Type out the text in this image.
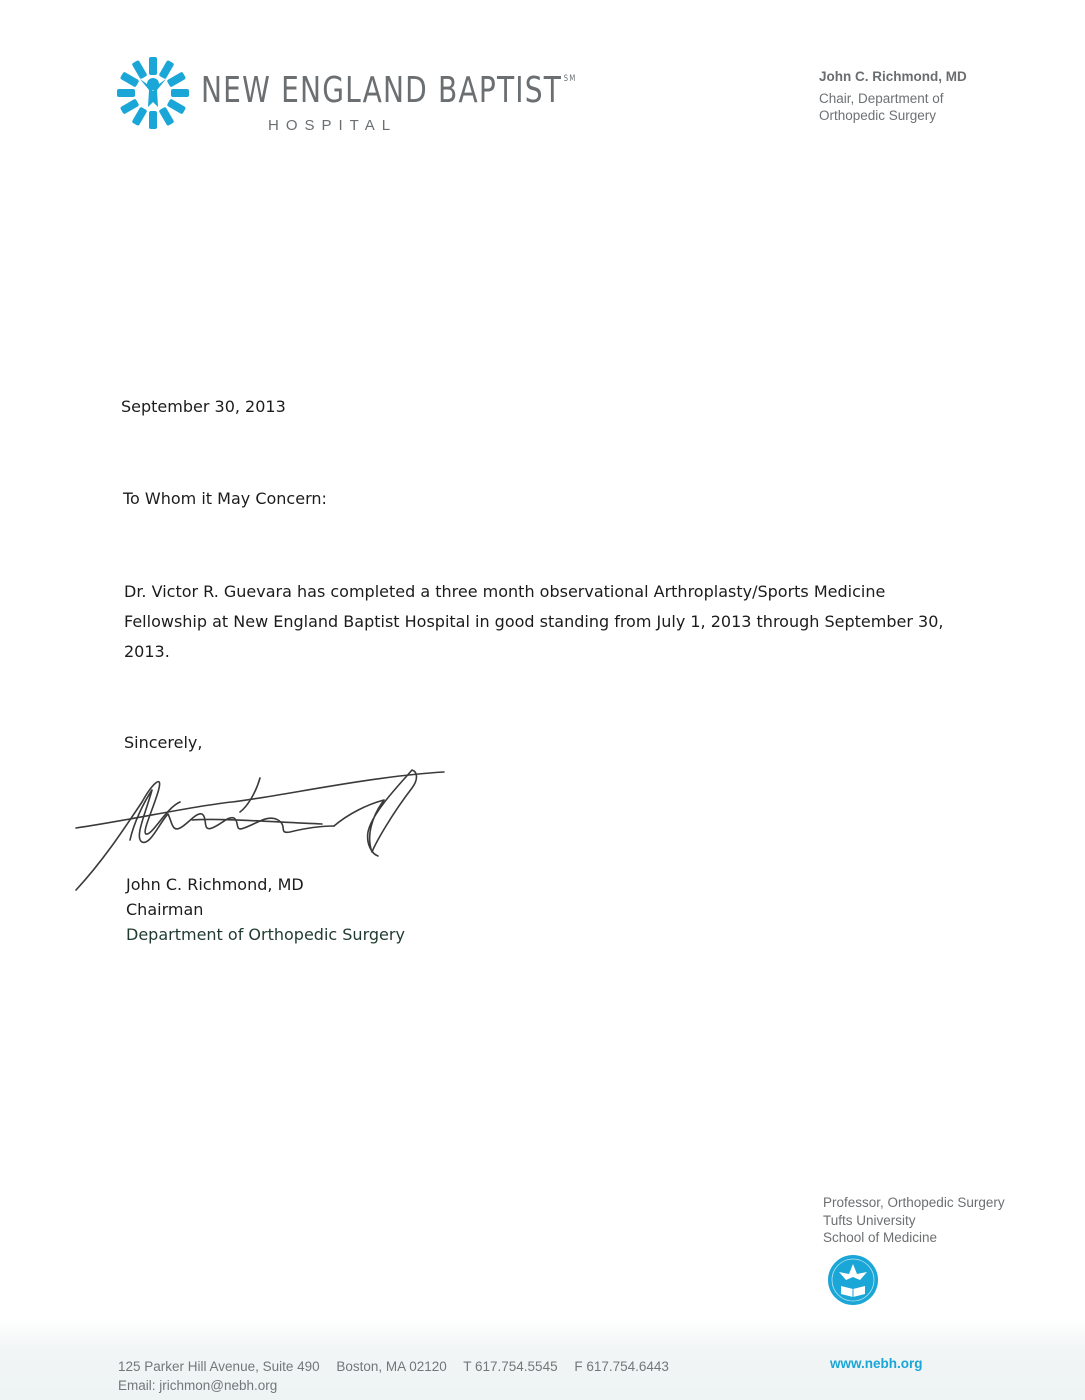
NEW ENGLAND BAPTIST ℠
HOSPITAL
John C. Richmond, MD
Chair, Department of
Orthopedic Surgery
September 30, 2013
To Whom it May Concern:
Dr. Victor R. Guevara has completed a three month observational Arthroplasty/Sports Medicine Fellowship at New England Baptist Hospital in good standing from July 1, 2013 through September 30, 2013.
Sincerely,
John C. Richmond, MD
Chairman
Department of Orthopedic Surgery
Professor, Orthopedic Surgery
Tufts University
School of Medicine
125 Parker Hill Avenue, Suite 490 Boston, MA 02120 T 617.754.5545 F 617.754.6443
Email: jrichmon@nebh.org
www.nebh.org
